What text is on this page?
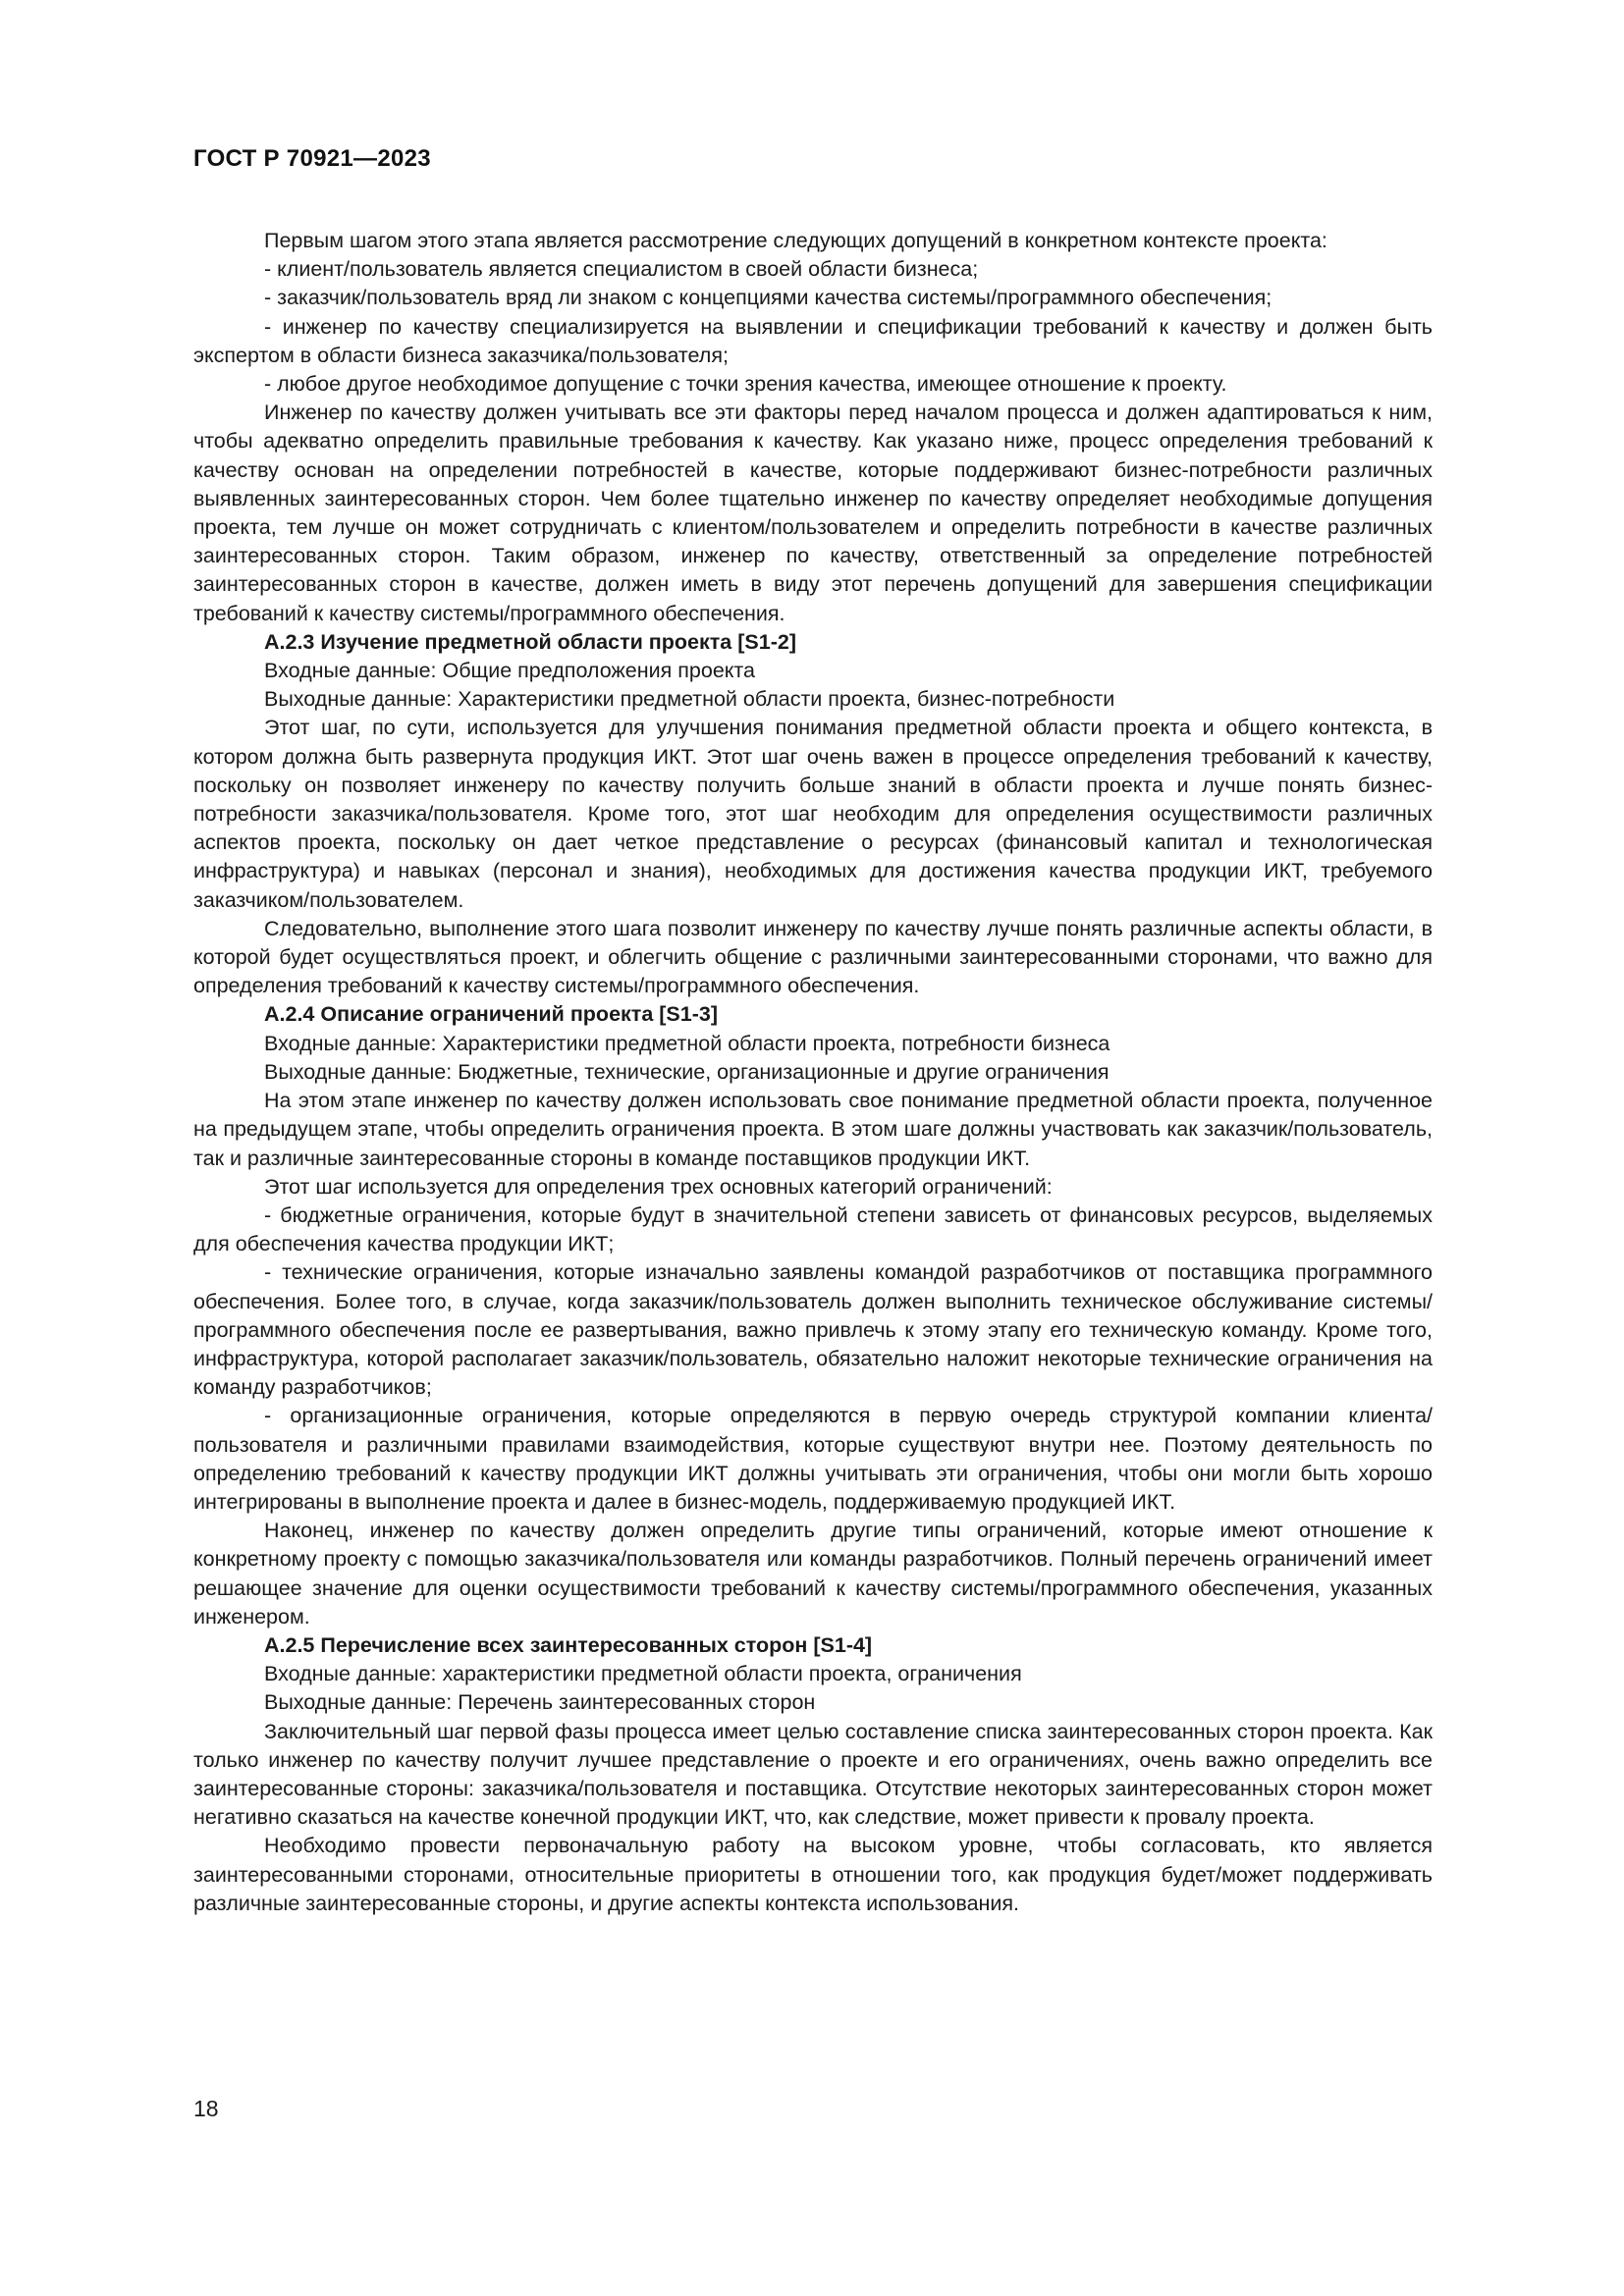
ГОСТ Р 70921—2023

Первым шагом этого этапа является рассмотрение следующих допущений в конкретном контексте проекта:

- клиент/пользователь является специалистом в своей области бизнеса;

- заказчик/пользователь вряд ли знаком с концепциями качества системы/программного обеспечения;

- инженер по качеству специализируется на выявлении и спецификации требований к качеству и должен быть экспертом в области бизнеса заказчика/пользователя;

- любое другое необходимое допущение с точки зрения качества, имеющее отношение к проекту.

Инженер по качеству должен учитывать все эти факторы перед началом процесса и должен адаптироваться к ним, чтобы адекватно определить правильные требования к качеству. Как указано ниже, процесс определения требований к качеству основан на определении потребностей в качестве, которые поддерживают бизнес-потребности различных выявленных заинтересованных сторон. Чем более тщательно инженер по качеству определяет необходимые допущения проекта, тем лучше он может сотрудничать с клиентом/пользователем и определить потребности в качестве различных заинтересованных сторон. Таким образом, инженер по качеству, ответственный за определение потребностей заинтересованных сторон в качестве, должен иметь в виду этот перечень допущений для завершения спецификации требований к качеству системы/программного обеспечения.

А.2.3 Изучение предметной области проекта [S1-2]

Входные данные: Общие предположения проекта

Выходные данные: Характеристики предметной области проекта, бизнес-потребности

Этот шаг, по сути, используется для улучшения понимания предметной области проекта и общего контекста, в котором должна быть развернута продукция ИКТ. Этот шаг очень важен в процессе определения требований к качеству, поскольку он позволяет инженеру по качеству получить больше знаний в области проекта и лучше понять бизнес-потребности заказчика/пользователя. Кроме того, этот шаг необходим для определения осуществимости различных аспектов проекта, поскольку он дает четкое представление о ресурсах (финансовый капитал и технологическая инфраструктура) и навыках (персонал и знания), необходимых для достижения качества продукции ИКТ, требуемого заказчиком/пользователем.

Следовательно, выполнение этого шага позволит инженеру по качеству лучше понять различные аспекты области, в которой будет осуществляться проект, и облегчить общение с различными заинтересованными сторонами, что важно для определения требований к качеству системы/программного обеспечения.

А.2.4 Описание ограничений проекта [S1-3]

Входные данные: Характеристики предметной области проекта, потребности бизнеса

Выходные данные: Бюджетные, технические, организационные и другие ограничения

На этом этапе инженер по качеству должен использовать свое понимание предметной области проекта, полученное на предыдущем этапе, чтобы определить ограничения проекта. В этом шаге должны участвовать как заказчик/пользователь, так и различные заинтересованные стороны в команде поставщиков продукции ИКТ.

Этот шаг используется для определения трех основных категорий ограничений:

- бюджетные ограничения, которые будут в значительной степени зависеть от финансовых ресурсов, выделяемых для обеспечения качества продукции ИКТ;

- технические ограничения, которые изначально заявлены командой разработчиков от поставщика программного обеспечения. Более того, в случае, когда заказчик/пользователь должен выполнить техническое обслуживание системы/программного обеспечения после ее развертывания, важно привлечь к этому этапу его техническую команду. Кроме того, инфраструктура, которой располагает заказчик/пользователь, обязательно наложит некоторые технические ограничения на команду разработчиков;

- организационные ограничения, которые определяются в первую очередь структурой компании клиента/пользователя и различными правилами взаимодействия, которые существуют внутри нее. Поэтому деятельность по определению требований к качеству продукции ИКТ должны учитывать эти ограничения, чтобы они могли быть хорошо интегрированы в выполнение проекта и далее в бизнес-модель, поддерживаемую продукцией ИКТ.

Наконец, инженер по качеству должен определить другие типы ограничений, которые имеют отношение к конкретному проекту с помощью заказчика/пользователя или команды разработчиков. Полный перечень ограничений имеет решающее значение для оценки осуществимости требований к качеству системы/программного обеспечения, указанных инженером.

А.2.5 Перечисление всех заинтересованных сторон [S1-4]

Входные данные: характеристики предметной области проекта, ограничения

Выходные данные: Перечень заинтересованных сторон

Заключительный шаг первой фазы процесса имеет целью составление списка заинтересованных сторон проекта. Как только инженер по качеству получит лучшее представление о проекте и его ограничениях, очень важно определить все заинтересованные стороны: заказчика/пользователя и поставщика. Отсутствие некоторых заинтересованных сторон может негативно сказаться на качестве конечной продукции ИКТ, что, как следствие, может привести к провалу проекта.

Необходимо провести первоначальную работу на высоком уровне, чтобы согласовать, кто является заинтересованными сторонами, относительные приоритеты в отношении того, как продукция будет/может поддерживать различные заинтересованные стороны, и другие аспекты контекста использования.

18
